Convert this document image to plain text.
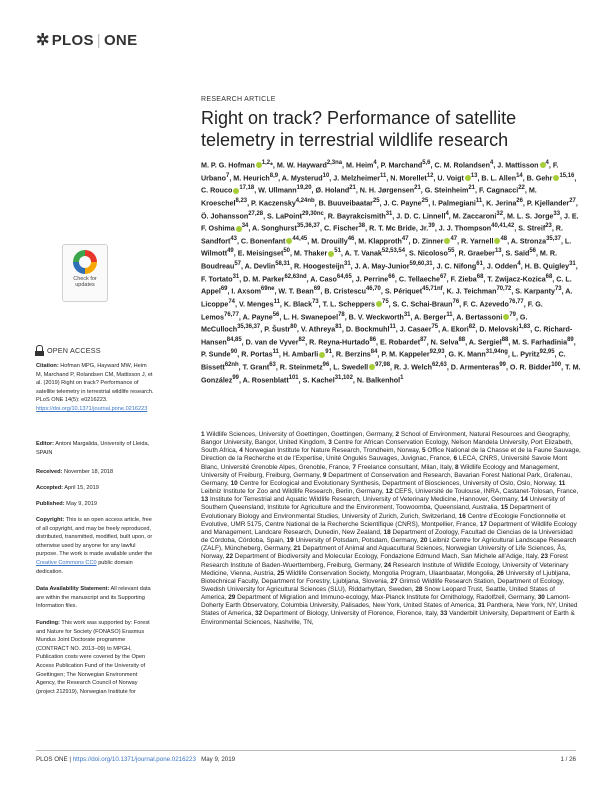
✲ PLOS | ONE
RESEARCH ARTICLE
Right on track? Performance of satellite telemetry in terrestrial wildlife research
M. P. G. Hofman $^{1,2}$*, M. W. Hayward$^{2,3na}$, M. Heim$^4$, P. Marchand$^{5,6}$, C. M. Rolandsen$^4$, J. Mattisson $^4$, F. Urbano$^7$, M. Heurich$^{8,9}$, A. Mysterud$^{10}$, J. Melzheimer$^{11}$, N. Morellet$^{12}$, U. Voigt $^{13}$, B. L. Allen$^{14}$, B. Gehr $^{15,16}$, C. Rouco $^{17,18}$, W. Ullmann$^{19,20}$, Ø. Holand$^{21}$, N. H. Jørgensen$^{21}$, G. Steinheim$^{21}$, F. Cagnacci$^{22}$, M. Kroeschel$^{8,23}$, P. Kaczensky$^{4,24nb}$, B. Buuveibaatar$^{25}$, J. C. Payne$^{25}$, I. Palmegiani$^{11}$, K. Jerina$^{26}$, P. Kjellander$^{27}$, Ö. Johansson$^{27,28}$, S. LaPoint$^{29,30nc}$, R. Bayrakcismith$^{31}$, J. D. C. Linnell$^4$, M. Zaccaroni$^{32}$, M. L. S. Jorge$^{33}$, J. E. F. Oshima $^{34}$, A. Songhurst$^{35,36,37}$, C. Fischer$^{38}$, R. T. Mc Bride, Jr.$^{39}$, J. J. Thompson$^{40,41,42}$, S. Streif$^{23}$, R. Sandfort$^{43}$, C. Bonenfant $^{44,45}$, M. Drouilly$^{46}$, M. Klapproth$^{47}$, D. Zinner $^{47}$, R. Yarnell $^{48}$, A. Stronza$^{35,37}$, L. Wilmott$^{49}$, E. Meisingset$^{50}$, M. Thaker $^{51}$, A. T. Vanak$^{52,53,54}$, S. Nicoloso$^{55}$, R. Graeber$^{13}$, S. Saïd$^{56}$, M. R. Boudreau$^{57}$, A. Devlin$^{58,31}$, R. Hoogesteijn$^{31}$, J. A. May-Junior$^{59,60,31}$, J. C. Nifong$^{61}$, J. Odden$^4$, H. B. Quigley$^{31}$, F. Tortato$^{31}$, D. M. Parker$^{62,63nd}$, A. Caso$^{64,65}$, J. Perrine$^{66}$, C. Tellaeche$^{67}$, F. Zieba$^{68}$, T. Zwijacz-Kozica$^{68}$, C. L. Appel$^{69}$, I. Axsom$^{69ne}$, W. T. Bean$^{69}$, B. Cristescu$^{46,70}$, S. Périquet$^{45,71nf}$, K. J. Teichman$^{70,72}$, S. Karpanty$^{73}$, A. Licoppe$^{74}$, V. Menges$^{11}$, K. Black$^{73}$, T. L. Scheppers $^{75}$, S. C. Schai-Braun$^{76}$, F. C. Azevedo$^{76,77}$, F. G. Lemos$^{76,77}$, A. Payne$^{56}$, L. H. Swanepoel$^{78}$, B. V. Weckworth$^{31}$, A. Berger$^{11}$, A. Bertassoni $^{79}$, G. McCulloch$^{35,36,37}$, P. Šustr$^{80}$, V. Athreya$^{81}$, D. Bockmuhl$^{11}$, J. Casaer$^{75}$, A. Ekori$^{82}$, D. Melovski$^{1,83}$, C. Richard-Hansen$^{84,85}$, D. van de Vyver$^{82}$, R. Reyna-Hurtado$^{86}$, E. Robardet$^{87}$, N. Selva$^{88}$, A. Sergiel$^{88}$, M. S. Farhadinia$^{89}$, P. Sunde$^{90}$, R. Portas$^{11}$, H. Ambarli $^{91}$, R. Berzins$^{84}$, P. M. Kappeler$^{92,93}$, G. K. Mann$^{31,94ng}$, L. Pyritz$^{92,95}$, C. Bissett$^{62nh}$, T. Grant$^{63}$, R. Steinmetz$^{96}$, L. Swedell $^{97,98}$, R. J. Welch$^{62,63}$, D. Armenteras$^{99}$, O. R. Bidder$^{100}$, T. M. González$^{99}$, A. Rosenblatt$^{101}$, S. Kachel$^{31,102}$, N. Balkenhol$^1$
1 Wildlife Sciences, University of Goettingen, Goettingen, Germany, 2 School of Environment, Natural Resources and Geography, Bangor University, Bangor, United Kingdom, 3 Centre for African Conservation Ecology, Nelson Mandela University, Port Elizabeth, South Africa, 4 Norwegian Institute for Nature Research, Trondheim, Norway, 5 Office National de la Chasse et de la Faune Sauvage, Direction de la Recherche et de l'Expertise, Unité Ongulés Sauvages, Juvignac, France, 6 LECA, CNRS, Université Savoie Mont Blanc, Université Grenoble Alpes, Grenoble, France, 7 Freelance consultant, Milan, Italy, 8 Wildlife Ecology and Management, University of Freiburg, Freiburg, Germany, 9 Department of Conservation and Research, Bavarian Forest National Park, Grafenau, Germany, 10 Centre for Ecological and Evolutionary Synthesis, Department of Biosciences, University of Oslo, Oslo, Norway, 11 Leibniz Institute for Zoo and Wildlife Research, Berlin, Germany, 12 CEFS, Université de Toulouse, INRA, Castanet-Tolosan, France, 13 Institute for Terrestrial and Aquatic Wildlife Research, University of Veterinary Medicine, Hannover, Germany, 14 University of Southern Queensland, Institute for Agriculture and the Environment, Toowoomba, Queensland, Australia, 15 Department of Evolutionary Biology and Environmental Studies, University of Zurich, Zurich, Switzerland, 16 Centre d'Ecologie Fonctionnelle et Evolutive, UMR 5175, Centre National de la Recherche Scientifique (CNRS), Montpellier, France, 17 Department of Wildlife Ecology and Management, Landcare Research, Dunedin, New Zealand, 18 Department of Zoology, Facultad de Ciencias de la Universidad de Córdoba, Córdoba, Spain, 19 University of Potsdam, Potsdam, Germany, 20 Leibniz Centre for Agricultural Landscape Research (ZALF), Müncheberg, Germany, 21 Department of Animal and Aquacultural Sciences, Norwegian University of Life Sciences, Ås, Norway, 22 Department of Biodiversity and Molecular Ecology, Fondazione Edmund Mach, San Michele all'Adige, Italy, 23 Forest Research Institute of Baden-Wuerttemberg, Freiburg, Germany, 24 Research Institute of Wildlife Ecology, University of Veterinary Medicine, Vienna, Austria, 25 Wildlife Conservation Society, Mongolia Program, Ulaanbaatar, Mongolia, 26 University of Ljubljana, Biotechnical Faculty, Department for Forestry, Ljubljana, Slovenia, 27 Grimsö Wildlife Research Station, Department of Ecology, Swedish University for Agricultural Sciences (SLU), Riddarhyttan, Sweden, 28 Snow Leopard Trust, Seattle, United States of America, 29 Department of Migration and Immuno-ecology, Max-Planck Institute for Ornithology, Radolfzell, Germany, 30 Lamont-Doherty Earth Observatory, Columbia University, Palisades, New York, United States of America, 31 Panthera, New York, NY, United States of America, 32 Department of Biology, University of Florence, Florence, Italy, 33 Vanderbilt University, Department of Earth & Environmental Sciences, Nashville, TN,
Check for updates
OPEN ACCESS
Citation: Hofman MPG, Hayward MW, Heim M, Marchand P, Rolandsen CM, Mattisson J, et al. (2019) Right on track? Performance of satellite telemetry in terrestrial wildlife research. PLoS ONE 14(5): e0216223. https://doi.org/10.1371/journal.pone.0216223
Editor: Antoni Margalida, University of Lleida, SPAIN
Received: November 18, 2018
Accepted: April 15, 2019
Published: May 9, 2019
Copyright: This is an open access article, free of all copyright, and may be freely reproduced, distributed, transmitted, modified, built upon, or otherwise used by anyone for any lawful purpose. The work is made available under the Creative Commons CC0 public domain dedication.
Data Availability Statement: All relevant data are within the manuscript and its Supporting Information files.
Funding: This work was supported by: Forest and Nature for Society (FONASO) Erasmus Mundus Joint Doctorate programme (CONTRACT NO. 2013–09) to MPGH, Publication costs were covered by the Open Access Publication Fund of the University of Goettingen; The Norwegian Environment Agency, the Research Council of Norway (project 212919), Norwegian Institute for
PLOS ONE | https://doi.org/10.1371/journal.pone.0216223 May 9, 2019	1 / 26
